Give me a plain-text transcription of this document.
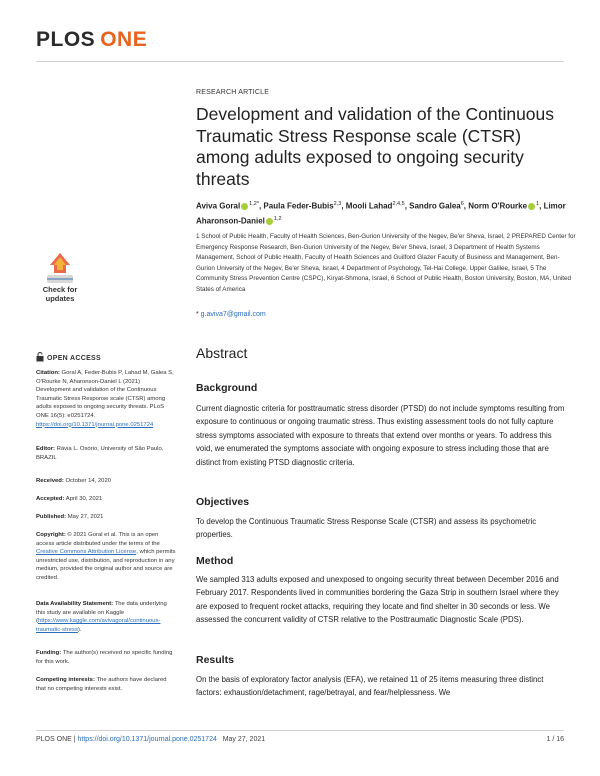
PLOS ONE
RESEARCH ARTICLE
Development and validation of the Continuous Traumatic Stress Response scale (CTSR) among adults exposed to ongoing security threats
Aviva Goral $^{1,2*}$, Paula Feder-Bubis$^{2,3}$, Mooli Lahad$^{2,4,5}$, Sandro Galea$^6$, Norm O'Rourke $^1$, Limor Aharonson-Daniel $^{1,2}$
1 School of Public Health, Faculty of Health Sciences, Ben-Gurion University of the Negev, Be'er Sheva, Israel, 2 PREPARED Center for Emergency Response Research, Ben-Gurion University of the Negev, Be'er Sheva, Israel, 3 Department of Health Systems Management, School of Public Health, Faculty of Health Sciences and Guilford Glazer Faculty of Business and Management, Ben-Gurion University of the Negev, Be'er Sheva, Israel, 4 Department of Psychology, Tel-Hai College, Upper Galilee, Israel, 5 The Community Stress Prevention Centre (CSPC), Kiryat-Shmona, Israel, 6 School of Public Health, Boston University, Boston, MA, United States of America
* g.aviva7@gmail.com
Check for
updates
OPEN ACCESS
Citation: Goral A, Feder-Bubis P, Lahad M, Galea S, O'Rourke N, Aharonson-Daniel L (2021) Development and validation of the Continuous Traumatic Stress Response scale (CTSR) among adults exposed to ongoing security threats. PLoS ONE 16(5): e0251724. https://doi.org/10.1371/journal.pone.0251724
Editor: Rávia L. Osório, University of São Paulo, BRAZIL
Received: October 14, 2020
Accepted: April 30, 2021
Published: May 27, 2021
Copyright: © 2021 Goral et al. This is an open access article distributed under the terms of the Creative Commons Attribution License, which permits unrestricted use, distribution, and reproduction in any medium, provided the original author and source are credited.
Data Availability Statement: The data underlying this study are available on Kaggle (https://www.kaggle.com/avivagoral/continuous-traumatic-stress).
Funding: The author(s) received no specific funding for this work.
Competing interests: The authors have declared that no competing interests exist.
Abstract
Background
Current diagnostic criteria for posttraumatic stress disorder (PTSD) do not include symptoms resulting from exposure to continuous or ongoing traumatic stress. Thus existing assessment tools do not fully capture stress symptoms associated with exposure to threats that extend over months or years. To address this void, we enumerated the symptoms associate with ongoing exposure to stress including those that are distinct from existing PTSD diagnostic criteria.
Objectives
To develop the Continuous Traumatic Stress Response Scale (CTSR) and assess its psychometric properties.
Method
We sampled 313 adults exposed and unexposed to ongoing security threat between December 2016 and February 2017. Respondents lived in communities bordering the Gaza Strip in southern Israel where they are exposed to frequent rocket attacks, requiring they locate and find shelter in 30 seconds or less. We assessed the concurrent validity of CTSR relative to the Posttraumatic Diagnostic Scale (PDS).
Results
On the basis of exploratory factor analysis (EFA), we retained 11 of 25 items measuring three distinct factors: exhaustion/detachment, rage/betrayal, and fear/helplessness. We
PLOS ONE | https://doi.org/10.1371/journal.pone.0251724 May 27, 2021	1 / 16
